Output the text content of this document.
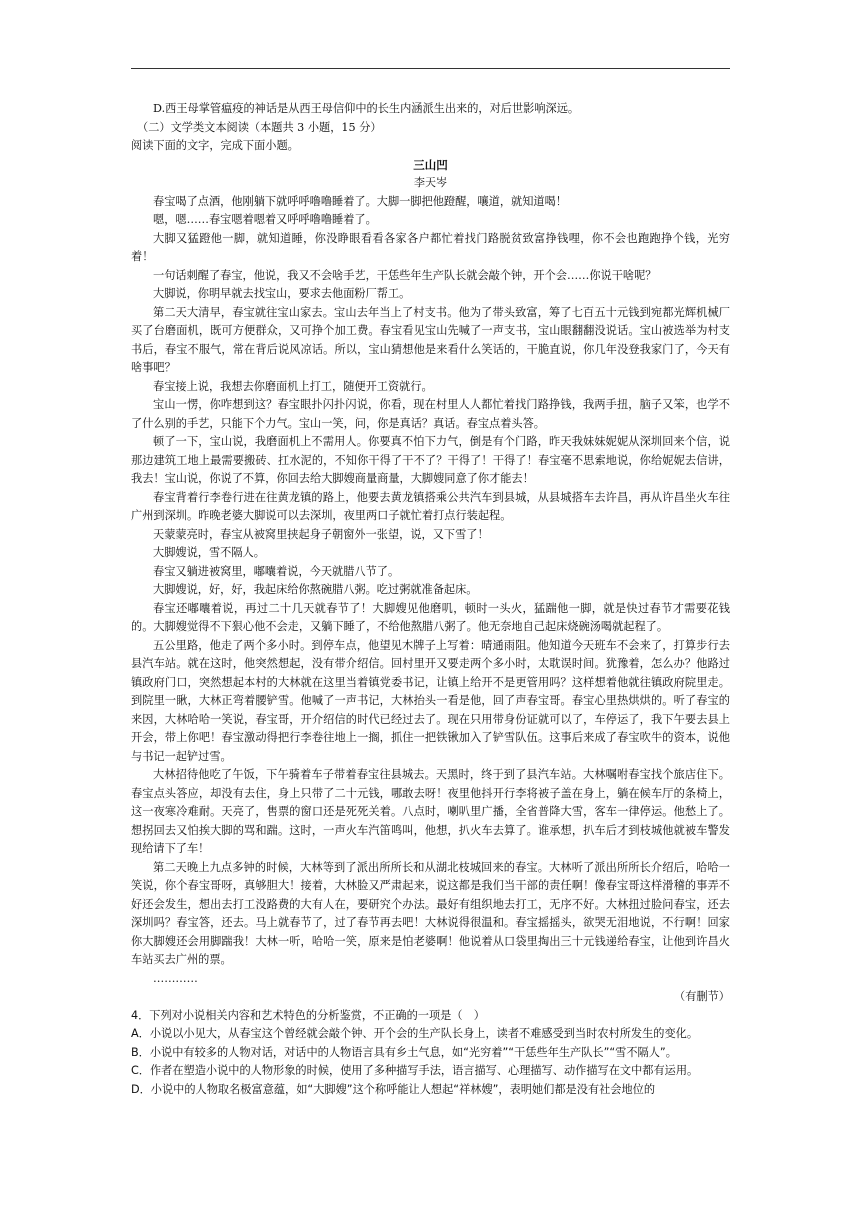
D.西王母掌管瘟疫的神话是从西王母信仰中的长生内涵派生出来的，对后世影响深远。

（二）文学类文本阅读（本题共 3 小题，15 分）

阅读下面的文字，完成下面小题。

三山凹

李天岑

春宝喝了点酒，他刚躺下就呼呼噜噜睡着了。大脚一脚把他蹬醒，嚷道，就知道喝！

嗯，嗯……春宝嗯着嗯着又呼呼噜噜睡着了。

大脚又猛蹬他一脚，就知道睡，你没睁眼看看各家各户都忙着找门路脱贫致富挣钱哩，你不会也跑跑挣个钱，光穷着！

一句话刺醒了春宝，他说，我又不会啥手艺，干恁些年生产队长就会敲个钟，开个会……你说干啥呢？

大脚说，你明早就去找宝山，要求去他面粉厂帮工。

第二天大清早，春宝就往宝山家去。宝山去年当上了村支书。他为了带头致富，筹了七百五十元钱到宛都光辉机械厂买了台磨面机，既可方便群众，又可挣个加工费。春宝看见宝山先喊了一声支书，宝山眼翻翻没说话。宝山被选举为村支书后，春宝不服气，常在背后说风凉话。所以，宝山猜想他是来看什么笑话的，干脆直说，你几年没登我家门了，今天有啥事吧？

春宝接上说，我想去你磨面机上打工，随便开工资就行。

宝山一愣，你咋想到这？春宝眼扑闪扑闪说，你看，现在村里人人都忙着找门路挣钱，我两手扭，脑子又笨，也学不了什么别的手艺，只能下个力气。宝山一笑，问，你是真话？真话。春宝点着头答。

顿了一下，宝山说，我磨面机上不需用人。你要真不怕下力气，倒是有个门路，昨天我妹妹妮妮从深圳回来个信，说那边建筑工地上最需要搬砖、扛水泥的，不知你干得了干不了？干得了！干得了！春宝毫不思索地说，你给妮妮去信讲，我去！宝山说，你说了不算，你回去给大脚嫂商量商量，大脚嫂同意了你才能去！

春宝背着行李卷行进在往黄龙镇的路上，他要去黄龙镇搭乘公共汽车到县城，从县城搭车去许昌，再从许昌坐火车往广州到深圳。昨晚老婆大脚说可以去深圳，夜里两口子就忙着打点行装起程。

天蒙蒙亮时，春宝从被窝里挟起身子朝窗外一张望，说，又下雪了！

大脚嫂说，雪不隔人。

春宝又躺进被窝里，嘟囔着说，今天就腊八节了。

大脚嫂说，好，好，我起床给你熬碗腊八粥。吃过粥就准备起床。

春宝还嘟囔着说，再过二十几天就春节了！大脚嫂见他磨叽，顿时一头火，猛踹他一脚，就是快过春节才需要花钱的。大脚嫂觉得不下狠心他不会走，又躺下睡了，不给他熬腊八粥了。他无奈地自己起床烧碗汤喝就起程了。

五公里路，他走了两个多小时。到停车点，他望见木牌子上写着：晴通雨阻。他知道今天班车不会来了，打算步行去县汽车站。就在这时，他突然想起，没有带介绍信。回村里开又要走两个多小时，太耽误时间。犹豫着，怎么办？他路过镇政府门口，突然想起本村的大林就在这里当着镇党委书记，让镇上给开不是更管用吗？这样想着他就往镇政府院里走。到院里一瞅，大林正弯着腰铲雪。他喊了一声书记，大林抬头一看是他，回了声春宝哥。春宝心里热烘烘的。听了春宝的来因，大林哈哈一笑说，春宝哥，开介绍信的时代已经过去了。现在只用带身份证就可以了，车停运了，我下午要去县上开会，带上你吧！春宝激动得把行李卷往地上一搁，抓住一把铁锹加入了铲雪队伍。这事后来成了春宝吹牛的资本，说他与书记一起铲过雪。

大林招待他吃了午饭，下午骑着车子带着春宝往县城去。天黑时，终于到了县汽车站。大林嘱咐春宝找个旅店住下。春宝点头答应，却没有去住，身上只带了二十元钱，哪敢去呀！夜里他抖开行李将被子盖在身上，躺在候车厅的条椅上，这一夜寒冷难耐。天亮了，售票的窗口还是死死关着。八点时，喇叭里广播，全省普降大雪，客车一律停运。他愁上了。想拐回去又怕挨大脚的骂和踹。这时，一声火车汽笛鸣叫，他想，扒火车去算了。谁承想，扒车后才到枝城他就被车警发现给请下了车！

第二天晚上九点多钟的时候，大林等到了派出所所长和从湖北枝城回来的春宝。大林听了派出所所长介绍后，哈哈一笑说，你个春宝哥呀，真够胆大！接着，大林脸又严肃起来，说这都是我们当干部的责任啊！像春宝哥这样滑稽的事弄不好还会发生，想出去打工没路费的大有人在，要研究个办法。最好有组织地去打工，无序不好。大林扭过脸问春宝，还去深圳吗？春宝答，还去。马上就春节了，过了春节再去吧！大林说得很温和。春宝摇摇头，欲哭无泪地说，不行啊！回家你大脚嫂还会用脚踹我！大林一听，哈哈一笑，原来是怕老婆啊！他说着从口袋里掏出三十元钱递给春宝，让他到许昌火车站买去广州的票。

…………

（有删节）

4．下列对小说相关内容和艺术特色的分析鉴赏，不正确的一项是（　）

A．小说以小见大，从春宝这个曾经就会敲个钟、开个会的生产队长身上，读者不难感受到当时农村所发生的变化。

B．小说中有较多的人物对话，对话中的人物语言具有乡土气息，如“光穷着”“干恁些年生产队长”“雪不隔人”。

C．作者在塑造小说中的人物形象的时候，使用了多种描写手法，语言描写、心理描写、动作描写在文中都有运用。

D．小说中的人物取名极富意蕴，如“大脚嫂”这个称呼能让人想起“祥林嫂”，表明她们都是没有社会地位的
